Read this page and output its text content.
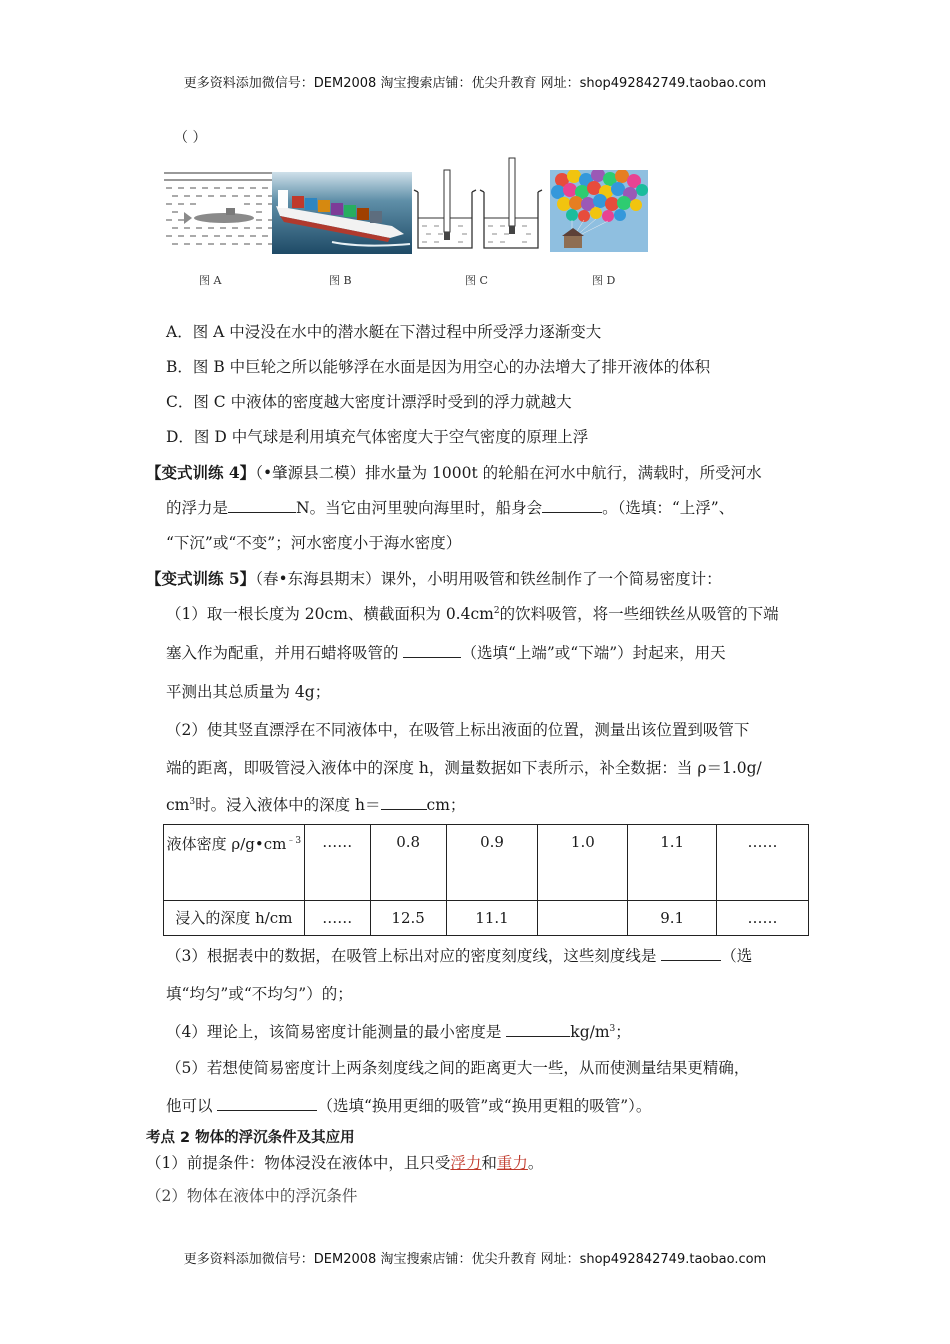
更多资料添加微信号：DEM2008 淘宝搜索店铺：优尖升教育 网址：shop492842749.taobao.com
（ ）
图 A	图 B	图 C	图 D
A．图 A 中浸没在水中的潜水艇在下潜过程中所受浮力逐渐变大
B．图 B 中巨轮之所以能够浮在水面是因为用空心的办法增大了排开液体的体积
C．图 C 中液体的密度越大密度计漂浮时受到的浮力就越大
D．图 D 中气球是利用填充气体密度大于空气密度的原理上浮
【变式训练 4】（•肇源县二模）排水量为 1000t 的轮船在河水中航行，满载时，所受河水
的浮力是	N。当它由河里驶向海里时，船身会	。（选填：“上浮”、
“下沉”或“不变”；河水密度小于海水密度）
【变式训练 5】（春•东海县期末）课外，小明用吸管和铁丝制作了一个简易密度计：
（1）取一根长度为 20cm、横截面积为 $0.4cm^2$的饮料吸管，将一些细铁丝从吸管的下端
塞入作为配重，并用石蜡将吸管的	（选填“上端”或“下端”）封起来，用天
平测出其总质量为 4g；
（2）使其竖直漂浮在不同液体中，在吸管上标出液面的位置，测量出该位置到吸管下
端的距离，即吸管浸入液体中的深度 h，测量数据如下表所示，补全数据：当 ρ＝1.0g/
$cm^3$时。浸入液体中的深度 h＝	cm；
液体密度 $\rho/g•cm^{﹣3}$	……	0.8	0.9	1.0	1.1	……
浸入的深度 h/cm	……	12.5	11.1		9.1	……
（3）根据表中的数据，在吸管上标出对应的密度刻度线，这些刻度线是	（选
填“均匀”或“不均匀”）的；
（4）理论上，该简易密度计能测量的最小密度是	$kg/m^3$；
（5）若想使简易密度计上两条刻度线之间的距离更大一些，从而使测量结果更精确，
他可以	（选填“换用更细的吸管”或“换用更粗的吸管”）。
考点 2 物体的浮沉条件及其应用
（1）前提条件：物体浸没在液体中，且只受浮力和重力。
（2）物体在液体中的浮沉条件
更多资料添加微信号：DEM2008 淘宝搜索店铺：优尖升教育 网址：shop492842749.taobao.com
